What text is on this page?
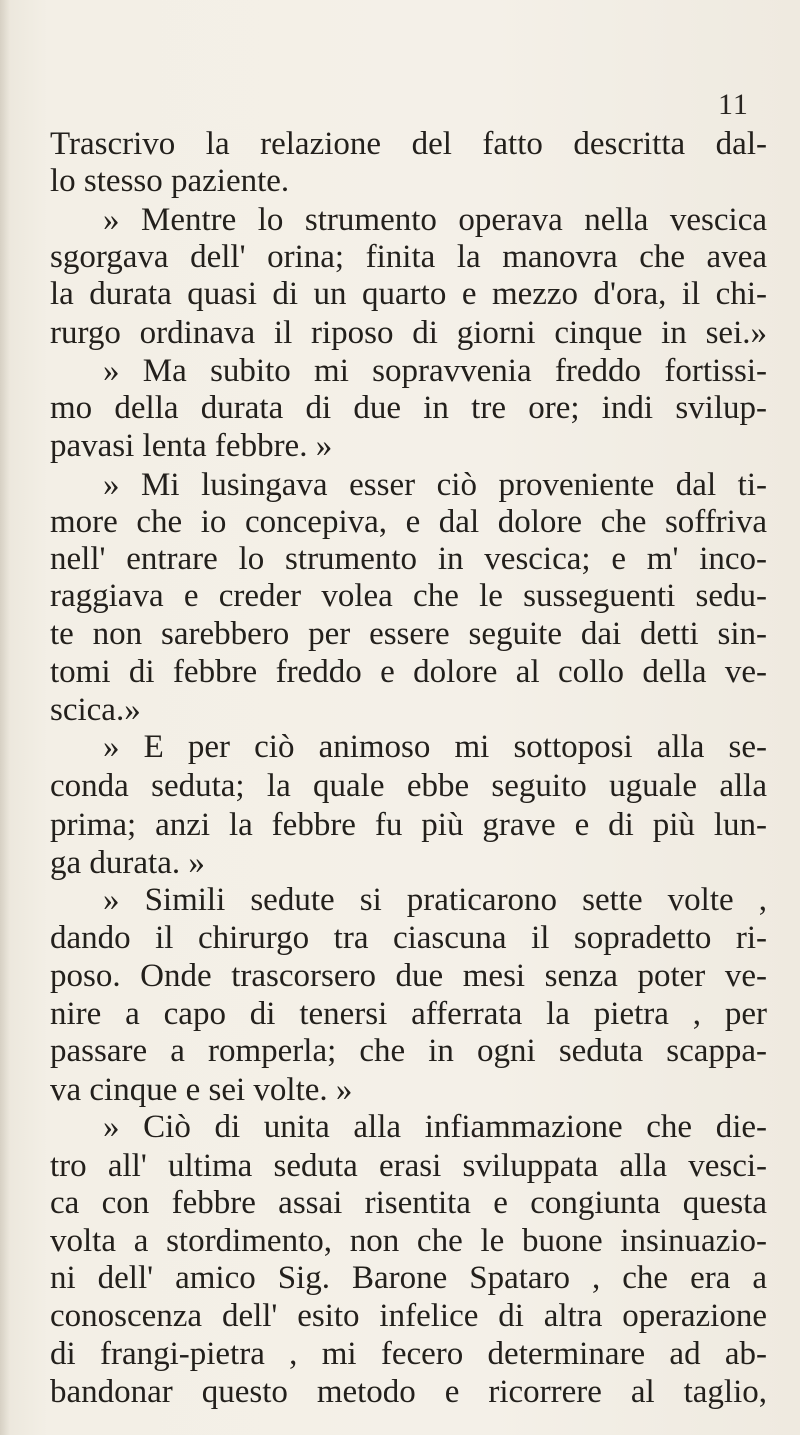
11
Trascrivo la relazione del fatto descritta dal-
lo stesso paziente.
» Mentre lo strumento operava nella vescica
sgorgava dell' orina; finita la manovra che avea
la durata quasi di un quarto e mezzo d'ora, il chi-
rurgo ordinava il riposo di giorni cinque in sei.»
» Ma subito mi sopravvenia freddo fortissi-
mo della durata di due in tre ore; indi svilup-
pavasi lenta febbre. »
» Mi lusingava esser ciò proveniente dal ti-
more che io concepiva, e dal dolore che soffriva
nell' entrare lo strumento in vescica; e m' inco-
raggiava e creder volea che le susseguenti sedu-
te non sarebbero per essere seguite dai detti sin-
tomi di febbre freddo e dolore al collo della ve-
scica.»
» E per ciò animoso mi sottoposi alla se-
conda seduta; la quale ebbe seguito uguale alla
prima; anzi la febbre fu più grave e di più lun-
ga durata. »
» Simili sedute si praticarono sette volte ,
dando il chirurgo tra ciascuna il sopradetto ri-
poso. Onde trascorsero due mesi senza poter ve-
nire a capo di tenersi afferrata la pietra , per
passare a romperla; che in ogni seduta scappa-
va cinque e sei volte. »
» Ciò di unita alla infiammazione che die-
tro all' ultima seduta erasi sviluppata alla vesci-
ca con febbre assai risentita e congiunta questa
volta a stordimento, non che le buone insinuazio-
ni dell' amico Sig. Barone Spataro , che era a
conoscenza dell' esito infelice di altra operazione
di frangi-pietra , mi fecero determinare ad ab-
bandonar questo metodo e ricorrere al taglio,
